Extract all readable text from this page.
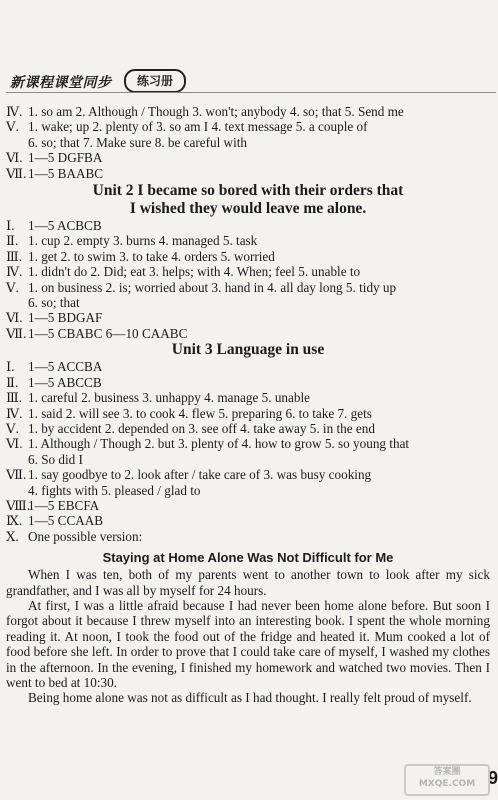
新课程课堂同步	练习册
Ⅳ. 1. so am 2. Although / Though 3. won't; anybody 4. so; that 5. Send me
Ⅴ. 1. wake; up 2. plenty of 3. so am I 4. text message 5. a couple of
6. so; that 7. Make sure 8. be careful with
Ⅵ. 1—5 DGFBA
Ⅶ. 1—5 BAABC
Unit 2 I became so bored with their orders that
I wished they would leave me alone.
Ⅰ. 1—5 ACBCB
Ⅱ. 1. cup 2. empty 3. burns 4. managed 5. task
Ⅲ. 1. get 2. to swim 3. to take 4. orders 5. worried
Ⅳ. 1. didn't do 2. Did; eat 3. helps; with 4. When; feel 5. unable to
Ⅴ. 1. on business 2. is; worried about 3. hand in 4. all day long 5. tidy up
6. so; that
Ⅵ. 1—5 BDGAF
Ⅶ. 1—5 CBABC 6—10 CAABC
Unit 3 Language in use
Ⅰ. 1—5 ACCBA
Ⅱ. 1—5 ABCCB
Ⅲ. 1. careful 2. business 3. unhappy 4. manage 5. unable
Ⅳ. 1. said 2. will see 3. to cook 4. flew 5. preparing 6. to take 7. gets
Ⅴ. 1. by accident 2. depended on 3. see off 4. take away 5. in the end
Ⅵ. 1. Although / Though 2. but 3. plenty of 4. how to grow 5. so young that
6. So did I
Ⅶ. 1. say goodbye to 2. look after / take care of 3. was busy cooking
4. fights with 5. pleased / glad to
Ⅷ.1—5 EBCFA
Ⅸ. 1—5 CCAAB
Ⅹ. One possible version:
Staying at Home Alone Was Not Difficult for Me
When I was ten, both of my parents went to another town to look after my sick grandfather, and I was all by myself for 24 hours.
At first, I was a little afraid because I had never been home alone before. But soon I forgot about it because I threw myself into an interesting book. I spent the whole morning reading it. At noon, I took the food out of the fridge and heated it. Mum cooked a lot of food before she left. In order to prove that I could take care of myself, I washed my clothes in the afternoon. In the evening, I finished my homework and watched two movies. Then I went to bed at 10:30.
Being home alone was not as difficult as I had thought. I really felt proud of myself.
9
答案圈
MXQE.COM
